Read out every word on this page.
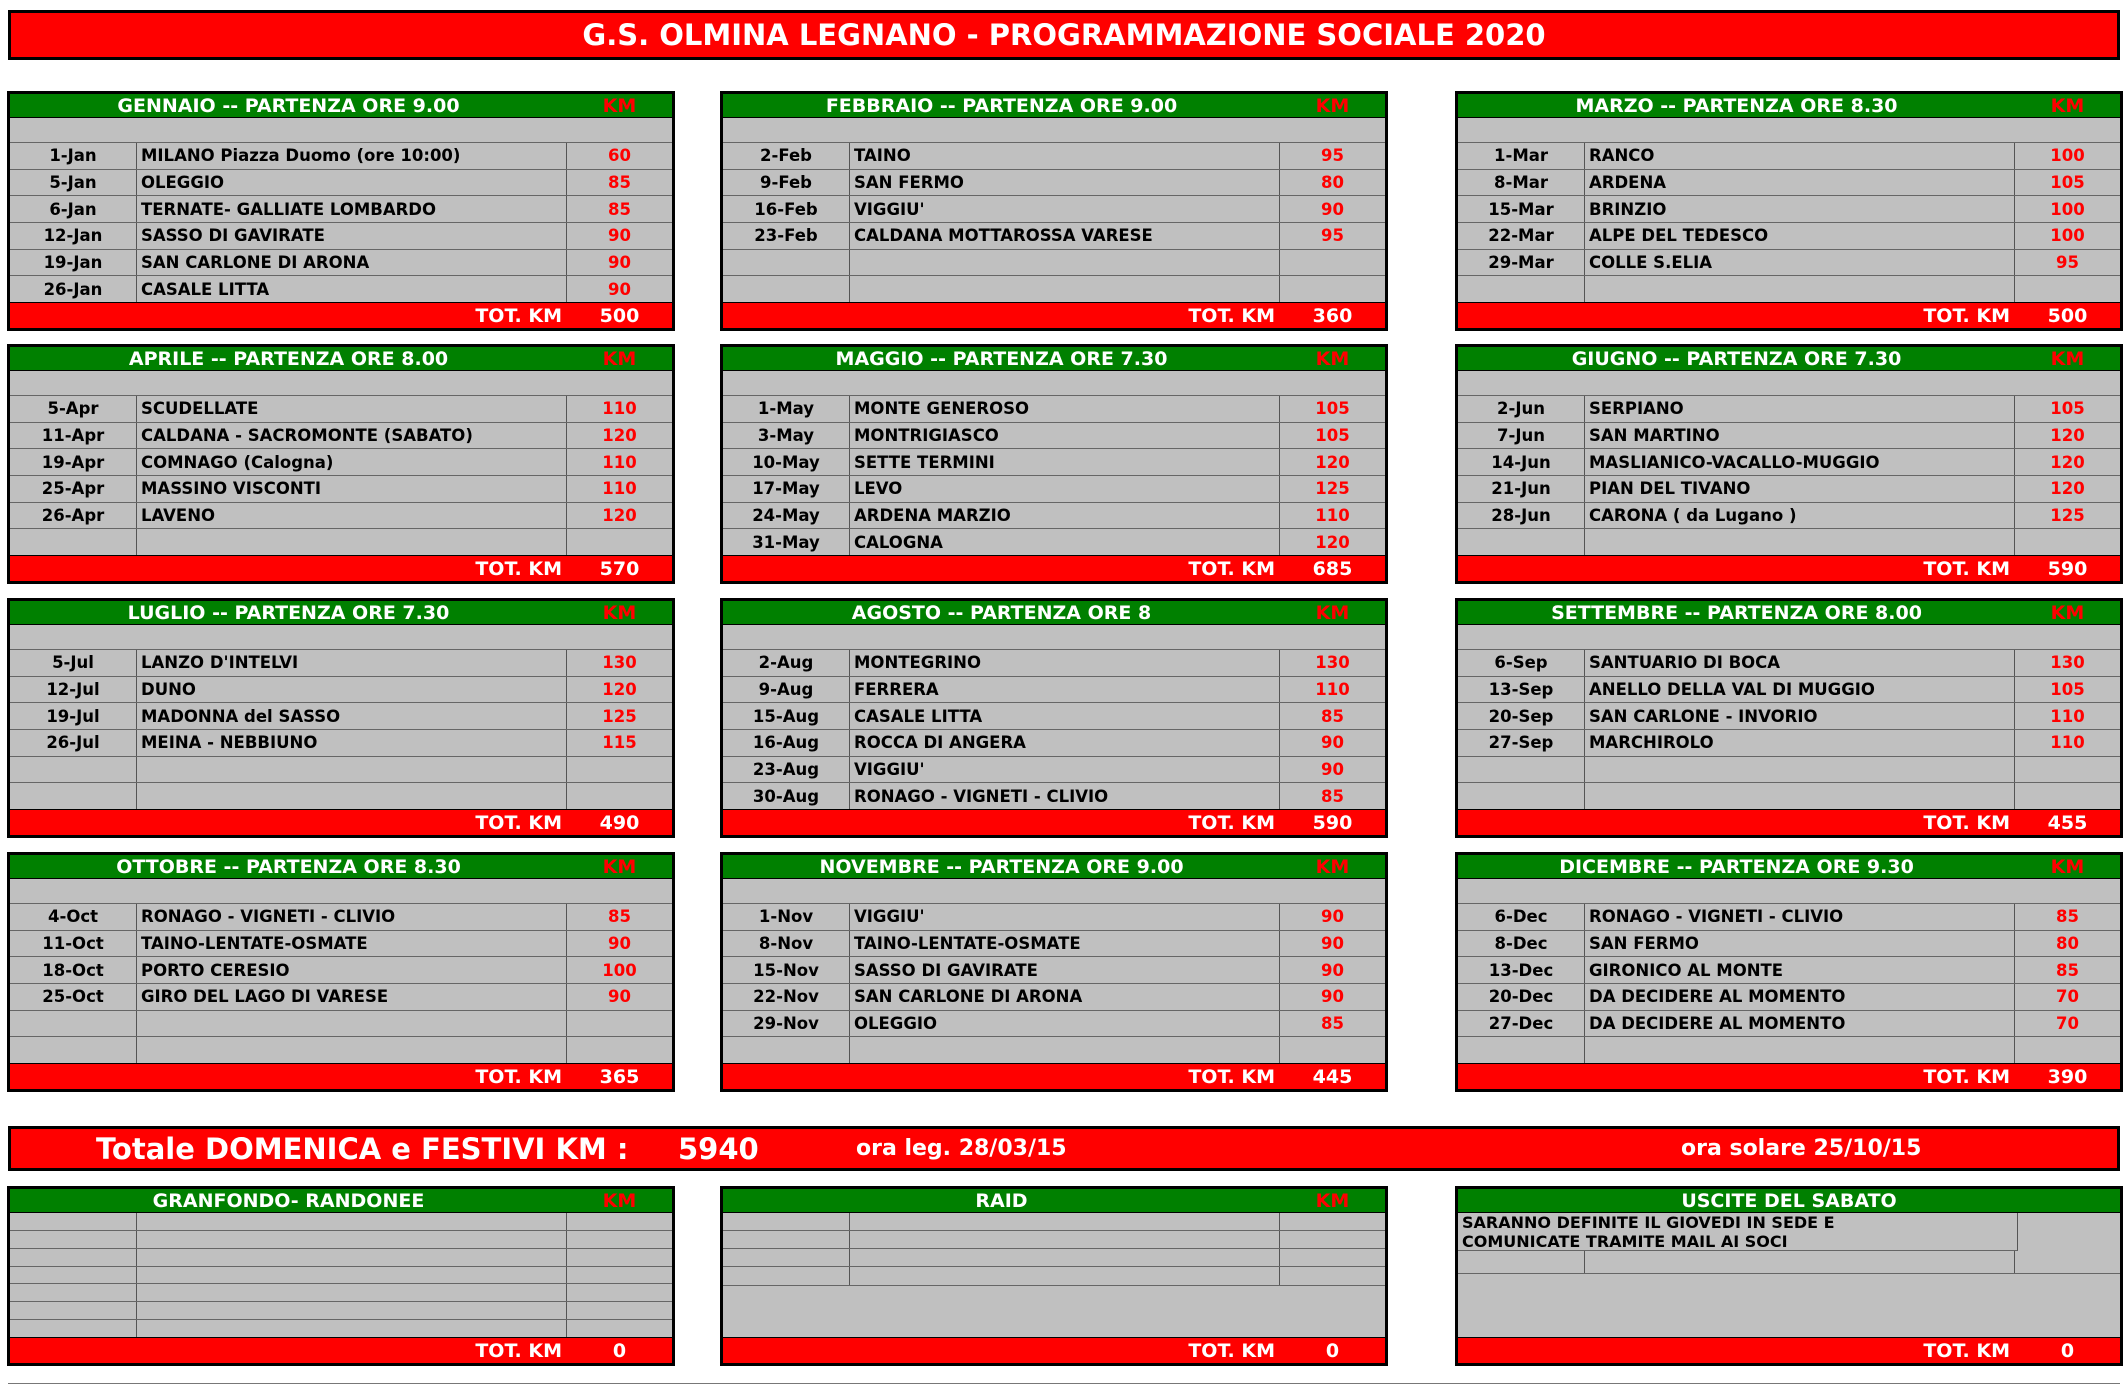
G.S. OLMINA LEGNANO - PROGRAMMAZIONE SOCIALE 2020
GENNAIO -- PARTENZA ORE 9.00	KM
1-Jan	MILANO Piazza Duomo (ore 10:00)	60
5-Jan	OLEGGIO	85
6-Jan	TERNATE- GALLIATE LOMBARDO	85
12-Jan	SASSO DI GAVIRATE	90
19-Jan	SAN CARLONE DI ARONA	90
26-Jan	CASALE LITTA	90
TOT. KM	500
FEBBRAIO -- PARTENZA ORE 9.00	KM
2-Feb	TAINO	95
9-Feb	SAN FERMO	80
16-Feb	VIGGIU'	90
23-Feb	CALDANA MOTTAROSSA VARESE	95
TOT. KM	360
MARZO -- PARTENZA ORE 8.30	KM
1-Mar	RANCO	100
8-Mar	ARDENA	105
15-Mar	BRINZIO	100
22-Mar	ALPE DEL TEDESCO	100
29-Mar	COLLE S.ELIA	95
TOT. KM	500
APRILE -- PARTENZA ORE 8.00	KM
5-Apr	SCUDELLATE	110
11-Apr	CALDANA - SACROMONTE (SABATO)	120
19-Apr	COMNAGO (Calogna)	110
25-Apr	MASSINO VISCONTI	110
26-Apr	LAVENO	120
TOT. KM	570
MAGGIO -- PARTENZA ORE 7.30	KM
1-May	MONTE GENEROSO	105
3-May	MONTRIGIASCO	105
10-May	SETTE TERMINI	120
17-May	LEVO	125
24-May	ARDENA MARZIO	110
31-May	CALOGNA	120
TOT. KM	685
GIUGNO -- PARTENZA ORE 7.30	KM
2-Jun	SERPIANO	105
7-Jun	SAN MARTINO	120
14-Jun	MASLIANICO-VACALLO-MUGGIO	120
21-Jun	PIAN DEL TIVANO	120
28-Jun	CARONA ( da Lugano )	125
TOT. KM	590
LUGLIO -- PARTENZA ORE 7.30	KM
5-Jul	LANZO D'INTELVI	130
12-Jul	DUNO	120
19-Jul	MADONNA del SASSO	125
26-Jul	MEINA - NEBBIUNO	115
TOT. KM	490
AGOSTO -- PARTENZA ORE 8	KM
2-Aug	MONTEGRINO	130
9-Aug	FERRERA	110
15-Aug	CASALE LITTA	85
16-Aug	ROCCA DI ANGERA	90
23-Aug	VIGGIU'	90
30-Aug	RONAGO - VIGNETI - CLIVIO	85
TOT. KM	590
SETTEMBRE -- PARTENZA ORE 8.00	KM
6-Sep	SANTUARIO DI BOCA	130
13-Sep	ANELLO DELLA VAL DI MUGGIO	105
20-Sep	SAN CARLONE - INVORIO	110
27-Sep	MARCHIROLO	110
TOT. KM	455
OTTOBRE -- PARTENZA ORE 8.30	KM
4-Oct	RONAGO - VIGNETI - CLIVIO	85
11-Oct	TAINO-LENTATE-OSMATE	90
18-Oct	PORTO CERESIO	100
25-Oct	GIRO DEL LAGO DI VARESE	90
TOT. KM	365
NOVEMBRE -- PARTENZA ORE 9.00	KM
1-Nov	VIGGIU'	90
8-Nov	TAINO-LENTATE-OSMATE	90
15-Nov	SASSO DI GAVIRATE	90
22-Nov	SAN CARLONE DI ARONA	90
29-Nov	OLEGGIO	85
TOT. KM	445
DICEMBRE -- PARTENZA ORE 9.30	KM
6-Dec	RONAGO - VIGNETI - CLIVIO	85
8-Dec	SAN FERMO	80
13-Dec	GIRONICO AL MONTE	85
20-Dec	DA DECIDERE AL MOMENTO	70
27-Dec	DA DECIDERE AL MOMENTO	70
TOT. KM	390
Totale DOMENICA e FESTIVI KM : 5940	ora leg. 28/03/15	ora solare 25/10/15
GRANFONDO- RANDONEE	KM
TOT. KM	0
RAID	KM
TOT. KM	0
USCITE DEL SABATO
SARANNO DEFINITE IL GIOVEDI IN SEDE E
COMUNICATE TRAMITE MAIL AI SOCI
TOT. KM	0
